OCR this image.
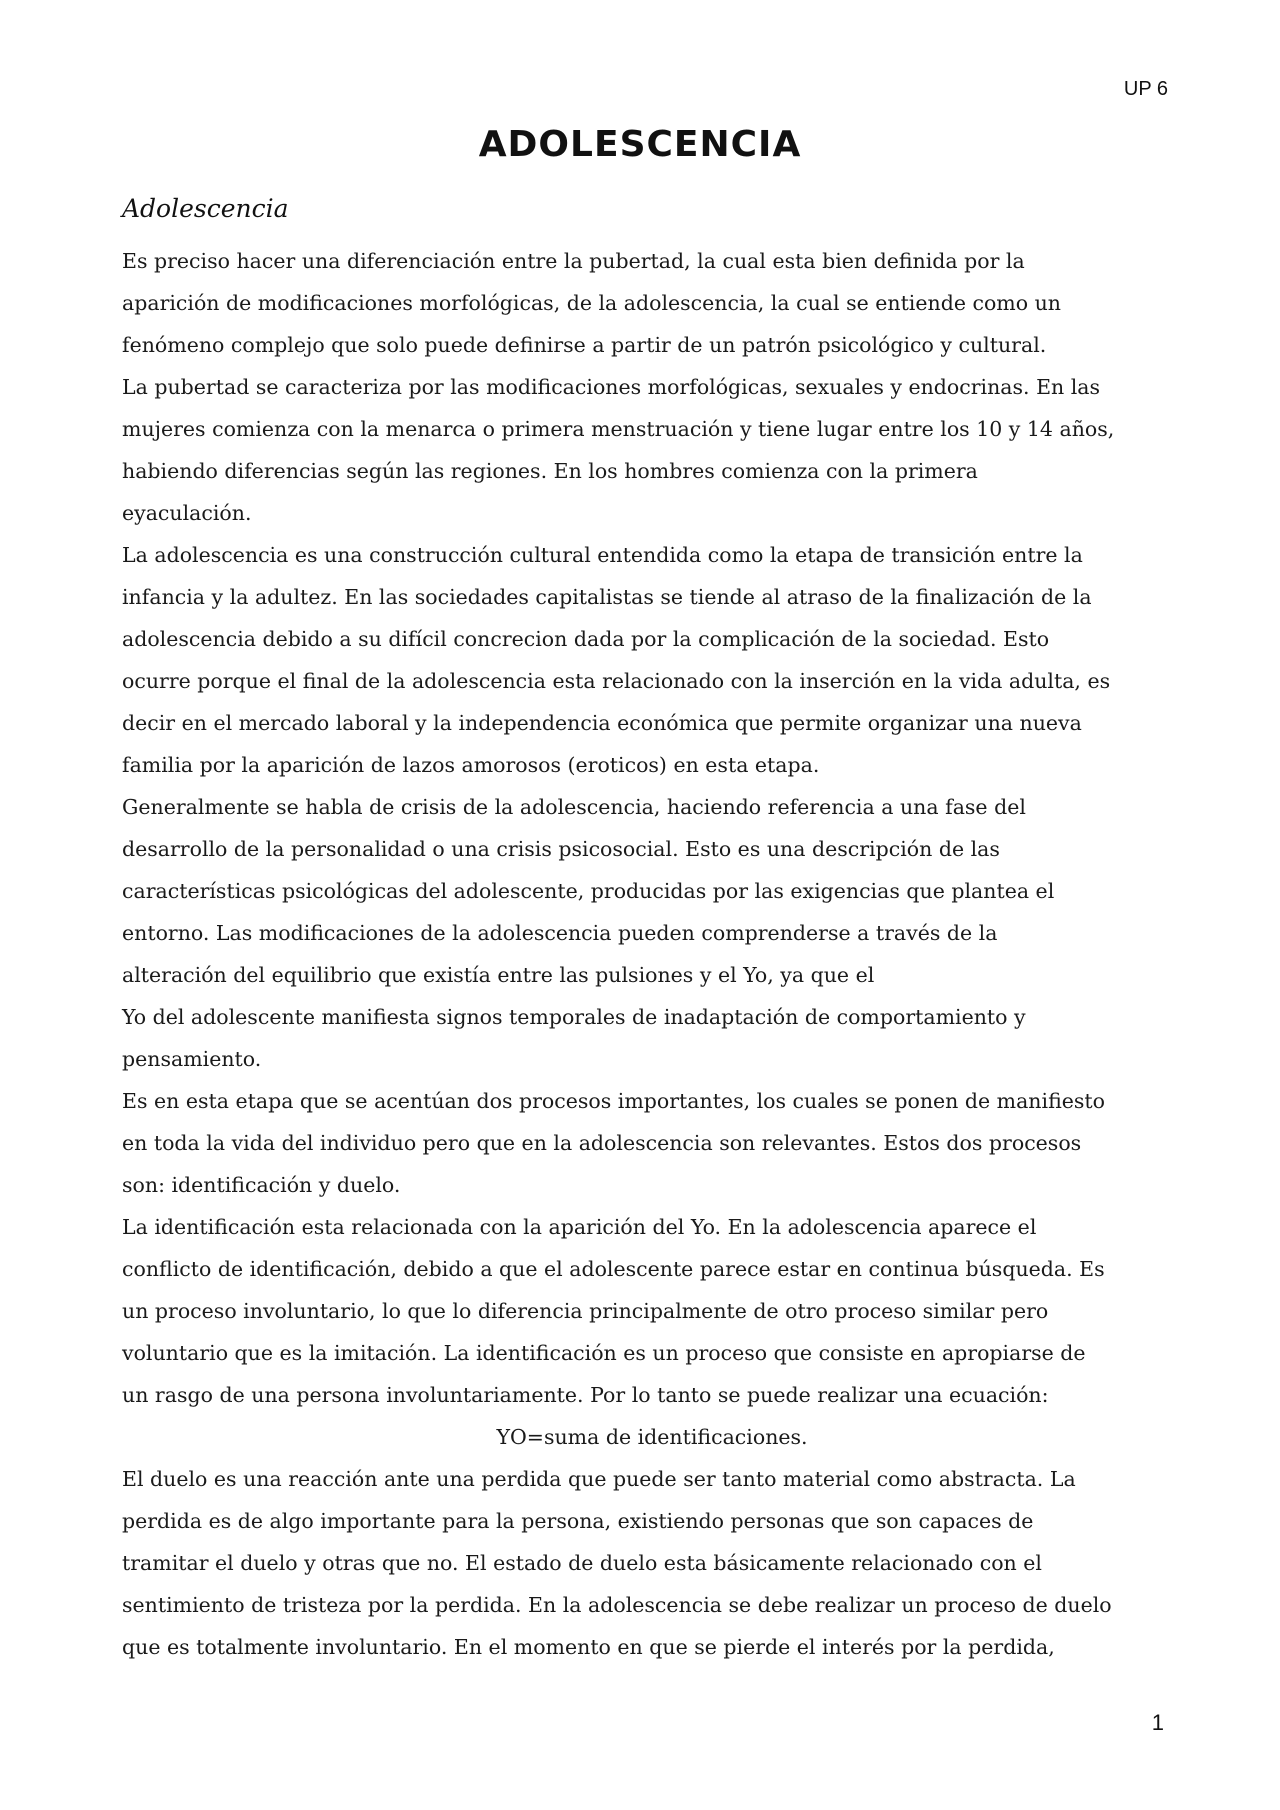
UP 6
ADOLESCENCIA
Adolescencia
Es preciso hacer una diferenciación entre la pubertad, la cual esta bien definida por la
aparición de modificaciones morfológicas, de la adolescencia, la cual se entiende como un
fenómeno complejo que solo puede definirse a partir de un patrón psicológico y cultural.
La pubertad se caracteriza por las modificaciones morfológicas, sexuales y endocrinas. En las
mujeres comienza con la menarca o primera menstruación y tiene lugar entre los 10 y 14 años,
habiendo diferencias según las regiones. En los hombres comienza con la primera
eyaculación.
La adolescencia es una construcción cultural entendida como la etapa de transición entre la
infancia y la adultez. En las sociedades capitalistas se tiende al atraso de la finalización de la
adolescencia debido a su difícil concrecion dada por la complicación de la sociedad. Esto
ocurre porque el final de la adolescencia esta relacionado con la inserción en la vida adulta, es
decir en el mercado laboral y la independencia económica que permite organizar una nueva
familia por la aparición de lazos amorosos (eroticos) en esta etapa.
Generalmente se habla de crisis de la adolescencia, haciendo referencia a una fase del
desarrollo de la personalidad o una crisis psicosocial. Esto es una descripción de las
características psicológicas del adolescente, producidas por las exigencias que plantea el
entorno. Las modificaciones de la adolescencia pueden comprenderse a través de la
alteración del equilibrio que existía entre las pulsiones y el Yo, ya que el
Yo del adolescente manifiesta signos temporales de inadaptación de comportamiento y
pensamiento.
Es en esta etapa que se acentúan dos procesos importantes, los cuales se ponen de manifiesto
en toda la vida del individuo pero que en la adolescencia son relevantes. Estos dos procesos
son: identificación y duelo.
La identificación esta relacionada con la aparición del Yo. En la adolescencia aparece el
conflicto de identificación, debido a que el adolescente parece estar en continua búsqueda. Es
un proceso involuntario, lo que lo diferencia principalmente de otro proceso similar pero
voluntario que es la imitación. La identificación es un proceso que consiste en apropiarse de
un rasgo de una persona involuntariamente. Por lo tanto se puede realizar una ecuación:
YO=suma de identificaciones.
El duelo es una reacción ante una perdida que puede ser tanto material como abstracta. La
perdida es de algo importante para la persona, existiendo personas que son capaces de
tramitar el duelo y otras que no. El estado de duelo esta básicamente relacionado con el
sentimiento de tristeza por la perdida. En la adolescencia se debe realizar un proceso de duelo
que es totalmente involuntario. En el momento en que se pierde el interés por la perdida,
1
